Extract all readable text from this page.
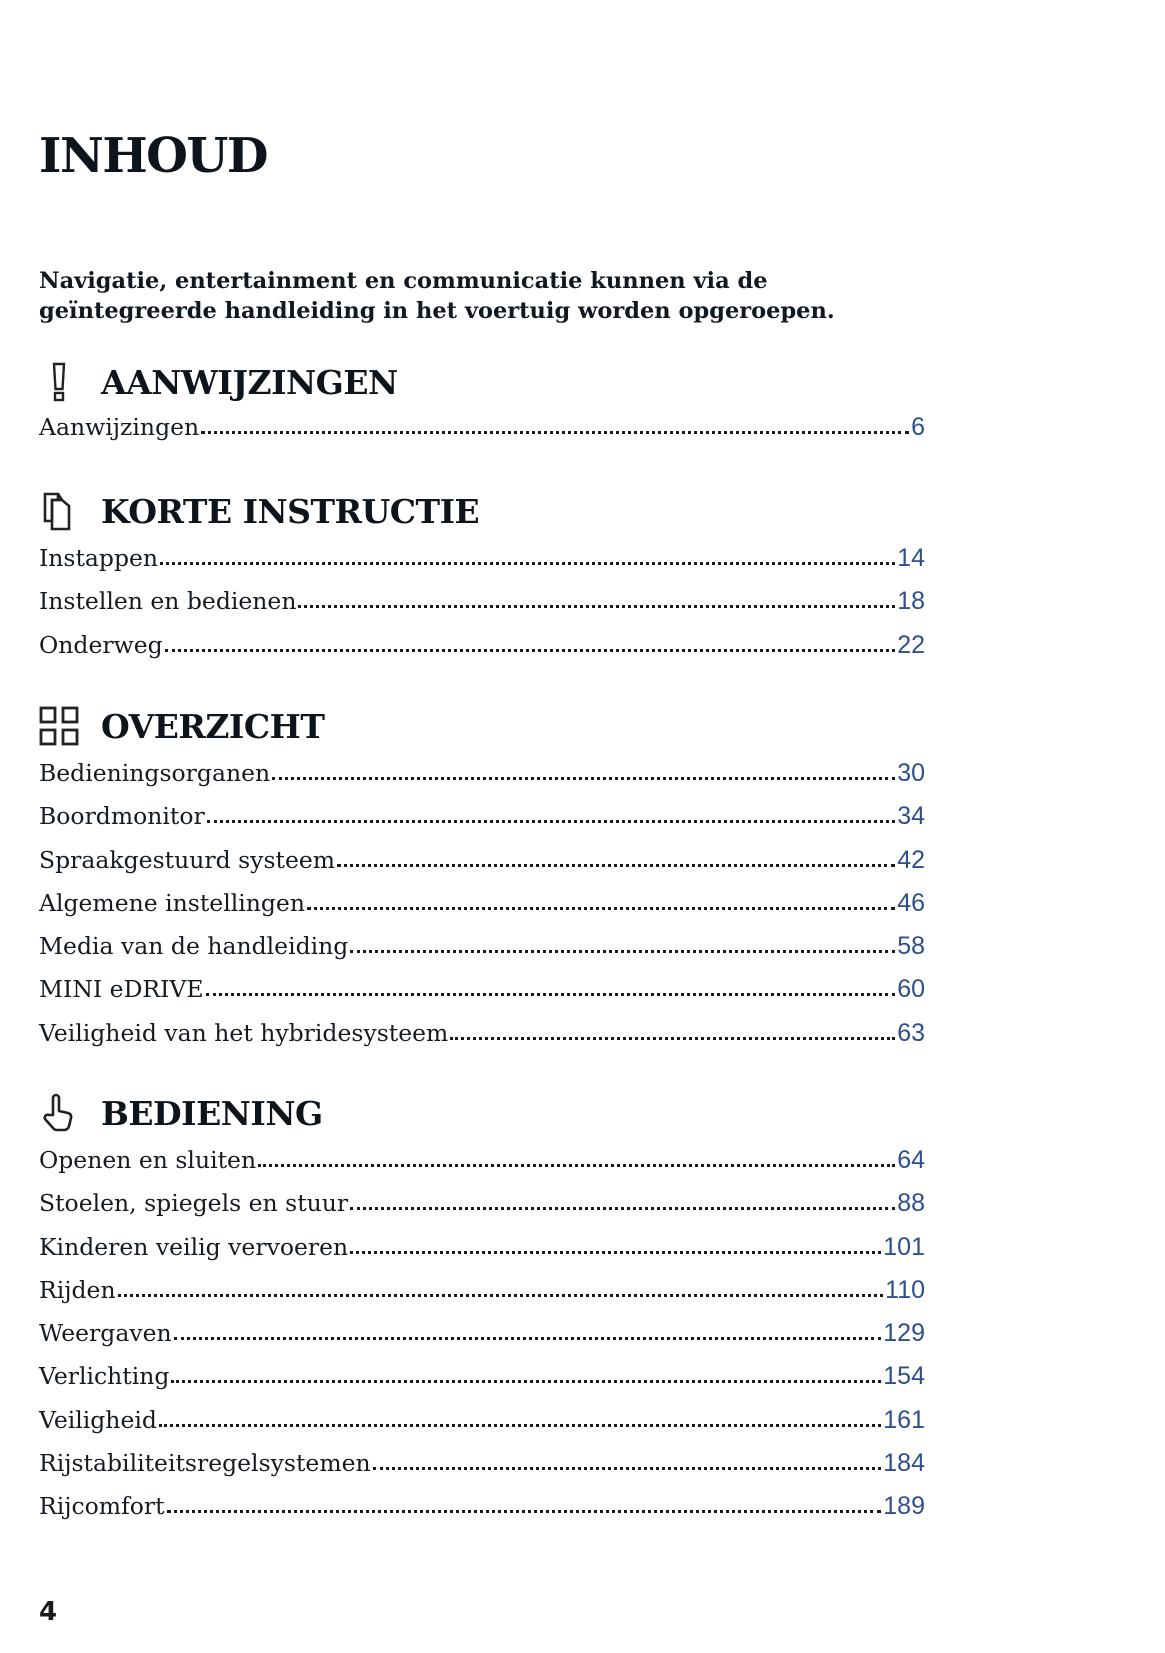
INHOUD

Navigatie, entertainment en communicatie kunnen via de geïntegreerde handleiding in het voertuig worden opgeroepen.

AANWIJZINGEN
Aanwijzingen	6
KORTE INSTRUCTIE
Instappen	14
Instellen en bedienen	18
Onderweg	22
OVERZICHT
Bedieningsorganen	30
Boordmonitor	34
Spraakgestuurd systeem	42
Algemene instellingen	46
Media van de handleiding	58
MINI eDRIVE	60
Veiligheid van het hybridesysteem	63
BEDIENING
Openen en sluiten	64
Stoelen, spiegels en stuur	88
Kinderen veilig vervoeren	101
Rijden	110
Weergaven	129
Verlichting	154
Veiligheid	161
Rijstabiliteitsregelsystemen	184
Rijcomfort	189
4
